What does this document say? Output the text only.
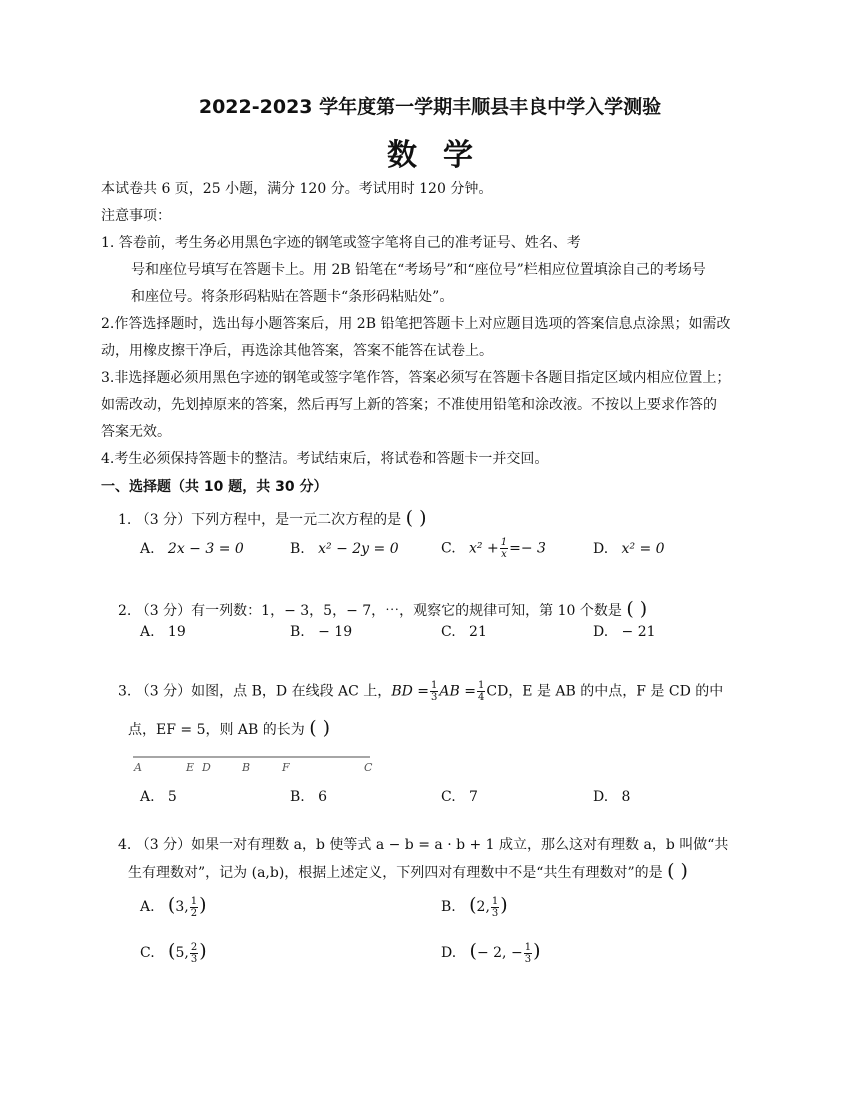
2022-2023 学年度第一学期丰顺县丰良中学入学测验
数学
本试卷共 6 页，25 小题，满分 120 分。考试用时 120 分钟。
注意事项：
1. 答卷前，考生务必用黑色字迹的钢笔或签字笔将自己的准考证号、姓名、考
号和座位号填写在答题卡上。用 2B 铅笔在“考场号”和“座位号”栏相应位置填涂自己的考场号
和座位号。将条形码粘贴在答题卡“条形码粘贴处”。
2.作答选择题时，选出每小题答案后，用 2B 铅笔把答题卡上对应题目选项的答案信息点涂黑；如需改
动，用橡皮擦干净后，再选涂其他答案，答案不能答在试卷上。
3.非选择题必须用黑色字迹的钢笔或签字笔作答，答案必须写在答题卡各题目指定区域内相应位置上；
如需改动，先划掉原来的答案，然后再写上新的答案；不准使用铅笔和涂改液。不按以上要求作答的
答案无效。
4.考生必须保持答题卡的整洁。考试结束后，将试卷和答题卡一并交回。
一、选择题（共 10 题，共 30 分）
1. （3 分）下列方程中，是一元二次方程的是 ( )
A. 2x − 3 = 0	B. x² − 2y = 0	C. $x^2 + \frac{1}{x} =- 3$	D. x² = 0
2. （3 分）有一列数：1，− 3，5，− 7，⋯，观察它的规律可知，第 10 个数是 ( )
A. 19	B. − 19	C. 21	D. − 21
3. （3 分）如图，点 B，D 在线段 AC 上，BD = $\frac{1}{3}$ AB = $\frac{1}{4}$ CD，E 是 AB 的中点，F 是 CD 的中
点，EF = 5，则 AB 的长为 ( )
A	E D	B	F	C
A. 5	B. 6	C. 7	D. 8
4. （3 分）如果一对有理数 a，b 使等式 a − b = a · b + 1 成立，那么这对有理数 a，b 叫做“共
生有理数对”，记为 (a,b)，根据上述定义，下列四对有理数中不是“共生有理数对”的是 ( )
A. (3, $\frac{1}{2}$ )	B. (2, $\frac{1}{3}$ )
C. (5, $\frac{2}{3}$ )	D. (− 2, − $\frac{1}{3}$ )
